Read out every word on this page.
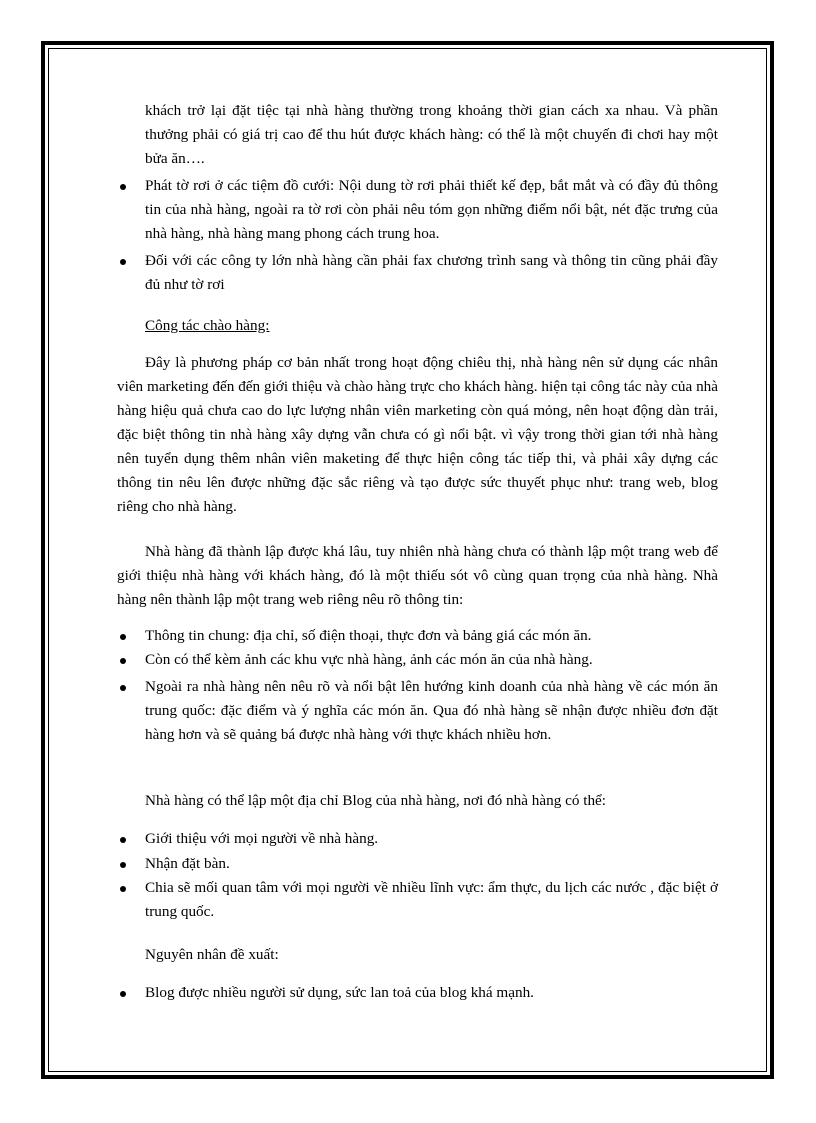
khách trở lại đặt tiệc tại nhà hàng thường trong khoảng thời gian cách xa nhau. Và phần thưởng phải có giá trị cao để thu hút được khách hàng: có thể là một chuyến đi chơi hay một bửa ăn….
Phát tờ rơi ở các tiệm đồ cưới: Nội dung tờ rơi phải thiết kế đẹp, bắt mắt và có đầy đủ thông tin của nhà hàng, ngoài ra tờ rơi còn phải nêu tóm gọn những điểm nổi bật, nét đặc trưng của nhà hàng, nhà hàng mang phong cách trung hoa.
Đối với các công ty lớn nhà hàng cần phải fax chương trình sang và thông tin cũng phải đầy đủ như tờ rơi
Công tác chào hàng:
Đây là phương pháp cơ bản nhất trong hoạt động chiêu thị, nhà hàng nên sử dụng các nhân viên marketing đến đến giới thiệu và chào hàng trực cho khách hàng. hiện tại công tác này của nhà hàng hiệu quả chưa cao do lực lượng nhân viên marketing còn quá mỏng, nên hoạt động dàn trải, đặc biệt thông tin nhà hàng xây dựng vẫn chưa có gì nổi bật. vì vậy trong thời gian tới nhà hàng nên tuyển dụng thêm nhân viên maketing để thực hiện công tác tiếp thi, và phải xây dựng các thông tin nêu lên được những đặc sắc riêng và tạo được sức thuyết phục như: trang web, blog riêng cho nhà hàng.
Nhà hàng đã thành lập được khá lâu, tuy nhiên nhà hàng chưa có thành lập một trang web để giới thiệu nhà hàng với khách hàng, đó là một thiếu sót vô cùng quan trọng của nhà hàng. Nhà hàng nên thành lập một trang web riêng nêu rõ thông tin:
Thông tin chung: địa chỉ, số điện thoại, thực đơn và bảng giá các món ăn.
Còn có thể kèm ảnh các khu vực nhà hàng, ảnh các món ăn của nhà hàng.
Ngoài ra nhà hàng nên nêu rõ và nổi bật lên hướng kinh doanh của nhà hàng về các món ăn trung quốc: đặc điểm và ý nghĩa các món ăn. Qua đó nhà hàng sẽ nhận được nhiều đơn đặt hàng hơn và sẽ quảng bá được nhà hàng với thực khách nhiều hơn.
Nhà hàng có thể lập một địa chỉ Blog của nhà hàng, nơi đó nhà hàng có thể:
Giới thiệu với mọi người về nhà hàng.
Nhận đặt bàn.
Chia sẽ mối quan tâm với mọi người về nhiều lĩnh vực: ẩm thực, du lịch các nước , đặc biệt ở trung quốc.
Nguyên nhân đề xuất:
Blog được nhiều người sử dụng, sức lan toả của blog khá mạnh.
